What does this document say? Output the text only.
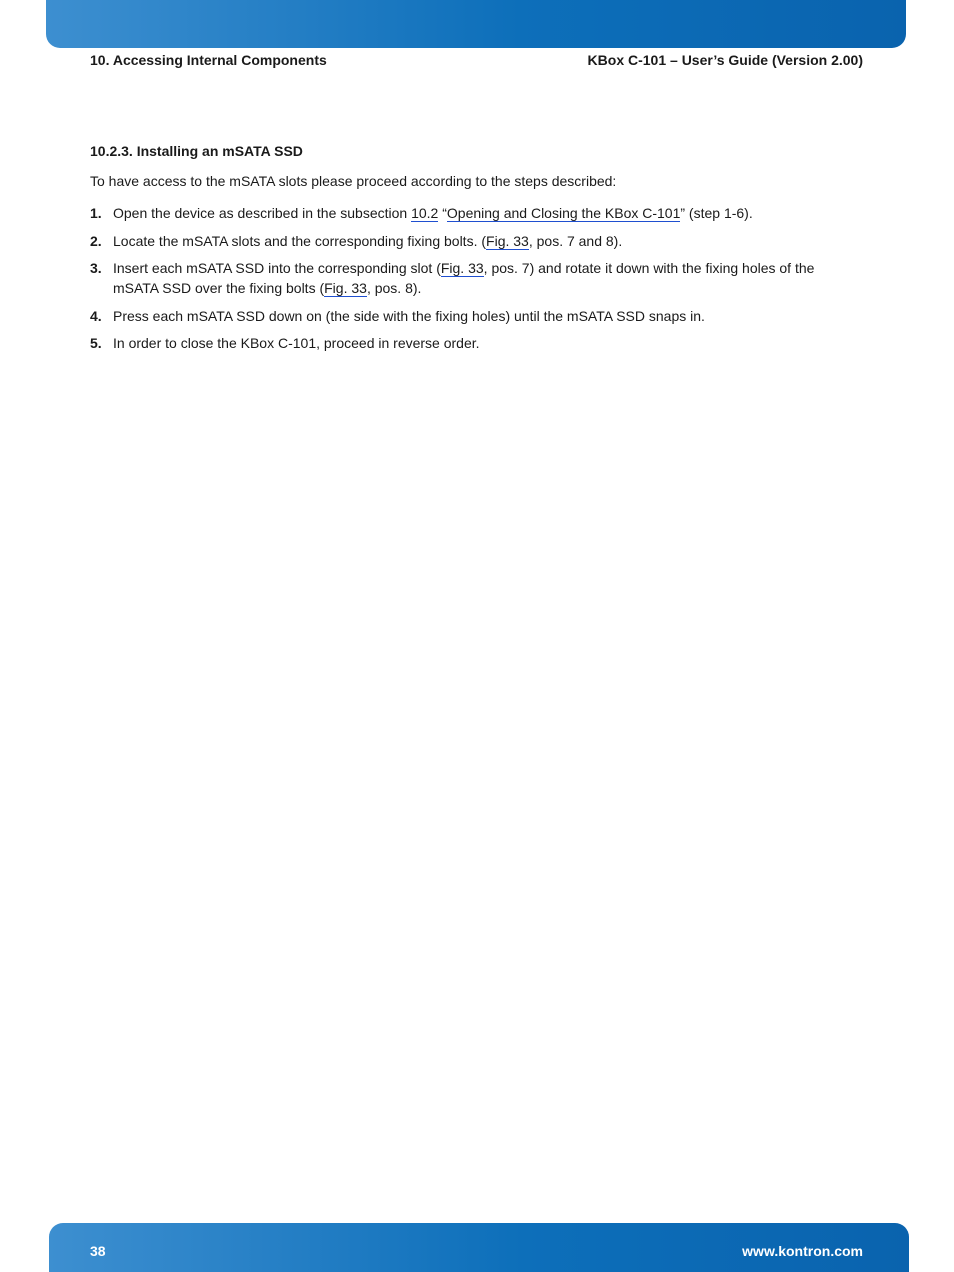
10. Accessing Internal Components	KBox C-101 – User’s Guide (Version 2.00)
10.2.3. Installing an mSATA SSD
To have access to the mSATA slots please proceed according to the steps described:
1. Open the device as described in the subsection 10.2 “Opening and Closing the KBox C-101” (step 1-6).
2. Locate the mSATA slots and the corresponding fixing bolts. (Fig. 33, pos. 7 and 8).
3. Insert each mSATA SSD into the corresponding slot (Fig. 33, pos. 7) and rotate it down with the fixing holes of the mSATA SSD over the fixing bolts (Fig. 33, pos. 8).
4. Press each mSATA SSD down on (the side with the fixing holes) until the mSATA SSD snaps in.
5. In order to close the KBox C-101, proceed in reverse order.
38	www.kontron.com
